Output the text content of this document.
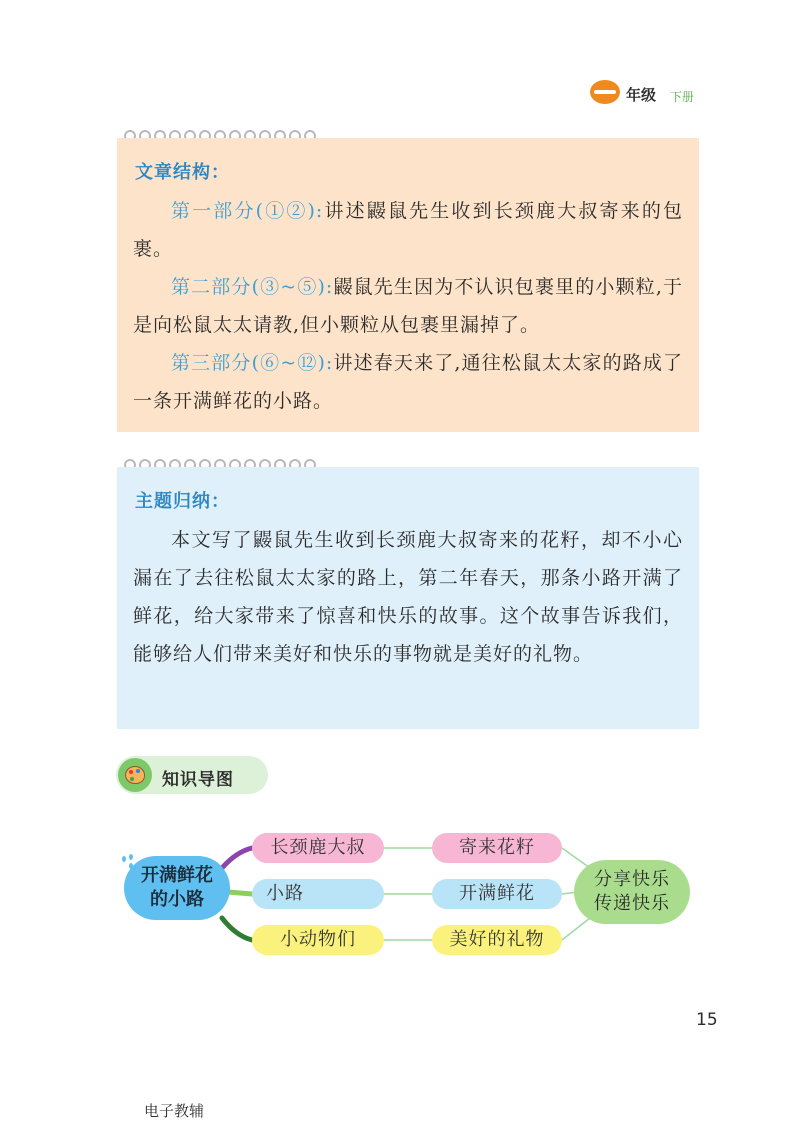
年级 下册
文章结构：

第一部分(①②):讲述鼹鼠先生收到长颈鹿大叔寄来的包裹。

第二部分(③~⑤):鼹鼠先生因为不认识包裹里的小颗粒,于是向松鼠太太请教,但小颗粒从包裹里漏掉了。

第三部分(⑥~⑫):讲述春天来了,通往松鼠太太家的路成了一条开满鲜花的小路。

主题归纳：

本文写了鼹鼠先生收到长颈鹿大叔寄来的花籽，却不小心漏在了去往松鼠太太家的路上，第二年春天，那条小路开满了鲜花，给大家带来了惊喜和快乐的故事。这个故事告诉我们，能够给人们带来美好和快乐的事物就是美好的礼物。

知识导图
开满鲜花
的小路
长颈鹿大叔	寄来花籽
小路	开满鲜花
小动物们	美好的礼物
分享快乐
传递快乐
15
电子教辅
